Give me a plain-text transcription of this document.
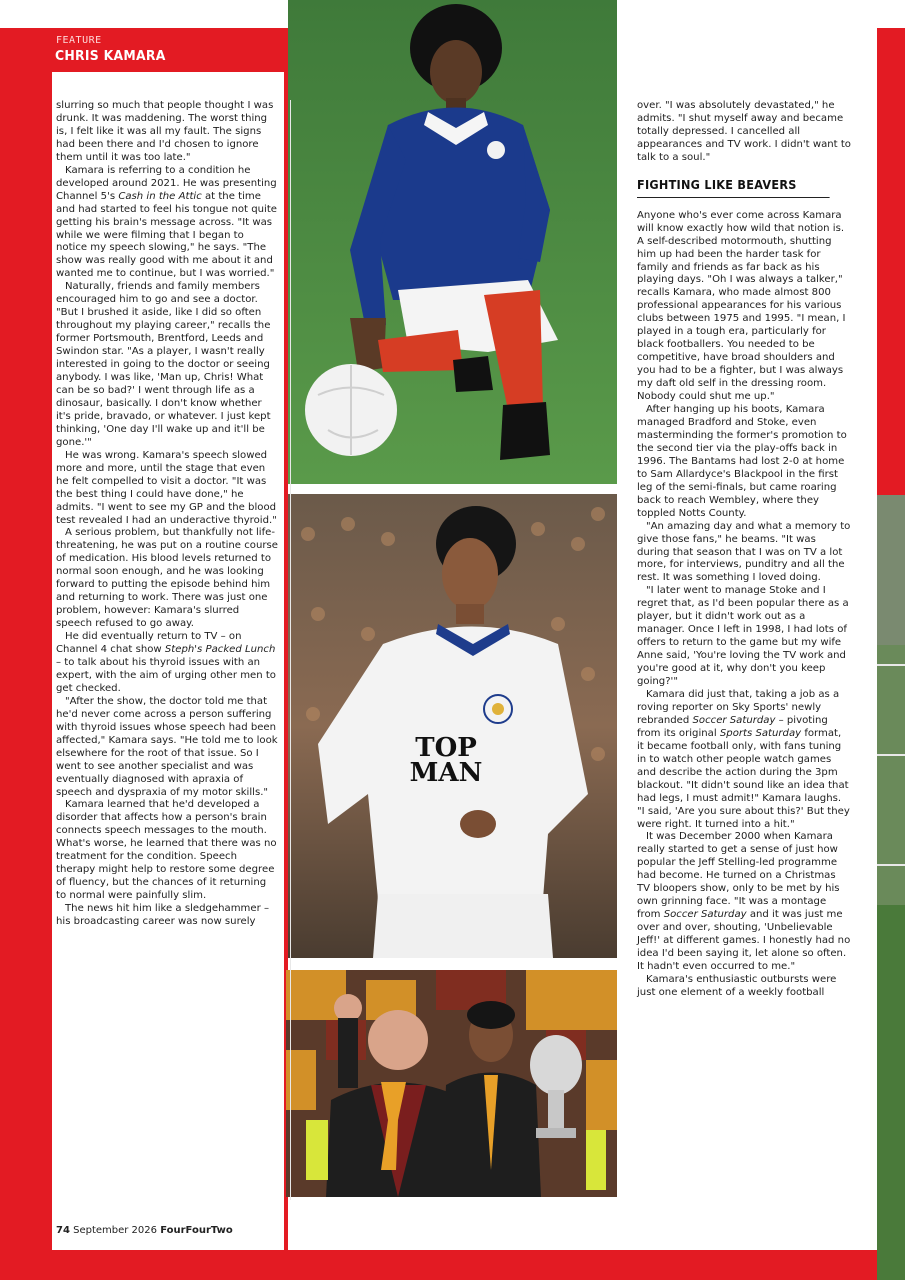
FEATURE
CHRIS KAMARA
TOP
MAN

slurring so much that people thought I was drunk. It was maddening. The worst thing is, I felt like it was all my fault. The signs had been there and I'd chosen to ignore them until it was too late."

Kamara is referring to a condition he developed around 2021. He was presenting Channel 5's Cash in the Attic at the time and had started to feel his tongue not quite getting his brain's message across. "It was while we were filming that I began to notice my speech slowing," he says. "The show was really good with me about it and wanted me to continue, but I was worried."

Naturally, friends and family members encouraged him to go and see a doctor. "But I brushed it aside, like I did so often throughout my playing career," recalls the former Portsmouth, Brentford, Leeds and Swindon star. "As a player, I wasn't really interested in going to the doctor or seeing anybody. I was like, 'Man up, Chris! What can be so bad?' I went through life as a dinosaur, basically. I don't know whether it's pride, bravado, or whatever. I just kept thinking, 'One day I'll wake up and it'll be gone.'"

He was wrong. Kamara's speech slowed more and more, until the stage that even he felt compelled to visit a doctor. "It was the best thing I could have done," he admits. "I went to see my GP and the blood test revealed I had an underactive thyroid."

A serious problem, but thankfully not life-threatening, he was put on a routine course of medication. His blood levels returned to normal soon enough, and he was looking forward to putting the episode behind him and returning to work. There was just one problem, however: Kamara's slurred speech refused to go away.

He did eventually return to TV – on Channel 4 chat show Steph's Packed Lunch – to talk about his thyroid issues with an expert, with the aim of urging other men to get checked.

"After the show, the doctor told me that he'd never come across a person suffering with thyroid issues whose speech had been affected," Kamara says. "He told me to look elsewhere for the root of that issue. So I went to see another specialist and was eventually diagnosed with apraxia of speech and dyspraxia of my motor skills."

Kamara learned that he'd developed a disorder that affects how a person's brain connects speech messages to the mouth. What's worse, he learned that there was no treatment for the condition. Speech therapy might help to restore some degree of fluency, but the chances of it returning to normal were painfully slim.

The news hit him like a sledgehammer – his broadcasting career was now surely

over. "I was absolutely devastated," he admits. "I shut myself away and became totally depressed. I cancelled all appearances and TV work. I didn't want to talk to a soul."

FIGHTING LIKE BEAVERS

Anyone who's ever come across Kamara will know exactly how wild that notion is. A self-described motormouth, shutting him up had been the harder task for family and friends as far back as his playing days. "Oh I was always a talker," recalls Kamara, who made almost 800 professional appearances for his various clubs between 1975 and 1995. "I mean, I played in a tough era, particularly for black footballers. You needed to be competitive, have broad shoulders and you had to be a fighter, but I was always my daft old self in the dressing room. Nobody could shut me up."

After hanging up his boots, Kamara managed Bradford and Stoke, even masterminding the former's promotion to the second tier via the play-offs back in 1996. The Bantams had lost 2-0 at home to Sam Allardyce's Blackpool in the first leg of the semi-finals, but came roaring back to reach Wembley, where they toppled Notts County.

"An amazing day and what a memory to give those fans," he beams. "It was during that season that I was on TV a lot more, for interviews, punditry and all the rest. It was something I loved doing.

"I later went to manage Stoke and I regret that, as I'd been popular there as a player, but it didn't work out as a manager. Once I left in 1998, I had lots of offers to return to the game but my wife Anne said, 'You're loving the TV work and you're good at it, why don't you keep going?'"

Kamara did just that, taking a job as a roving reporter on Sky Sports' newly rebranded Soccer Saturday – pivoting from its original Sports Saturday format, it became football only, with fans tuning in to watch other people watch games and describe the action during the 3pm blackout. "It didn't sound like an idea that had legs, I must admit!" Kamara laughs. "I said, 'Are you sure about this?' But they were right. It turned into a hit."

It was December 2000 when Kamara really started to get a sense of just how popular the Jeff Stelling-led programme had become. He turned on a Christmas TV bloopers show, only to be met by his own grinning face. "It was a montage from Soccer Saturday and it was just me over and over, shouting, 'Unbelievable Jeff!' at different games. I honestly had no idea I'd been saying it, let alone so often. It hadn't even occurred to me."

Kamara's enthusiastic outbursts were just one element of a weekly football

74 September 2026 FourFourTwo
